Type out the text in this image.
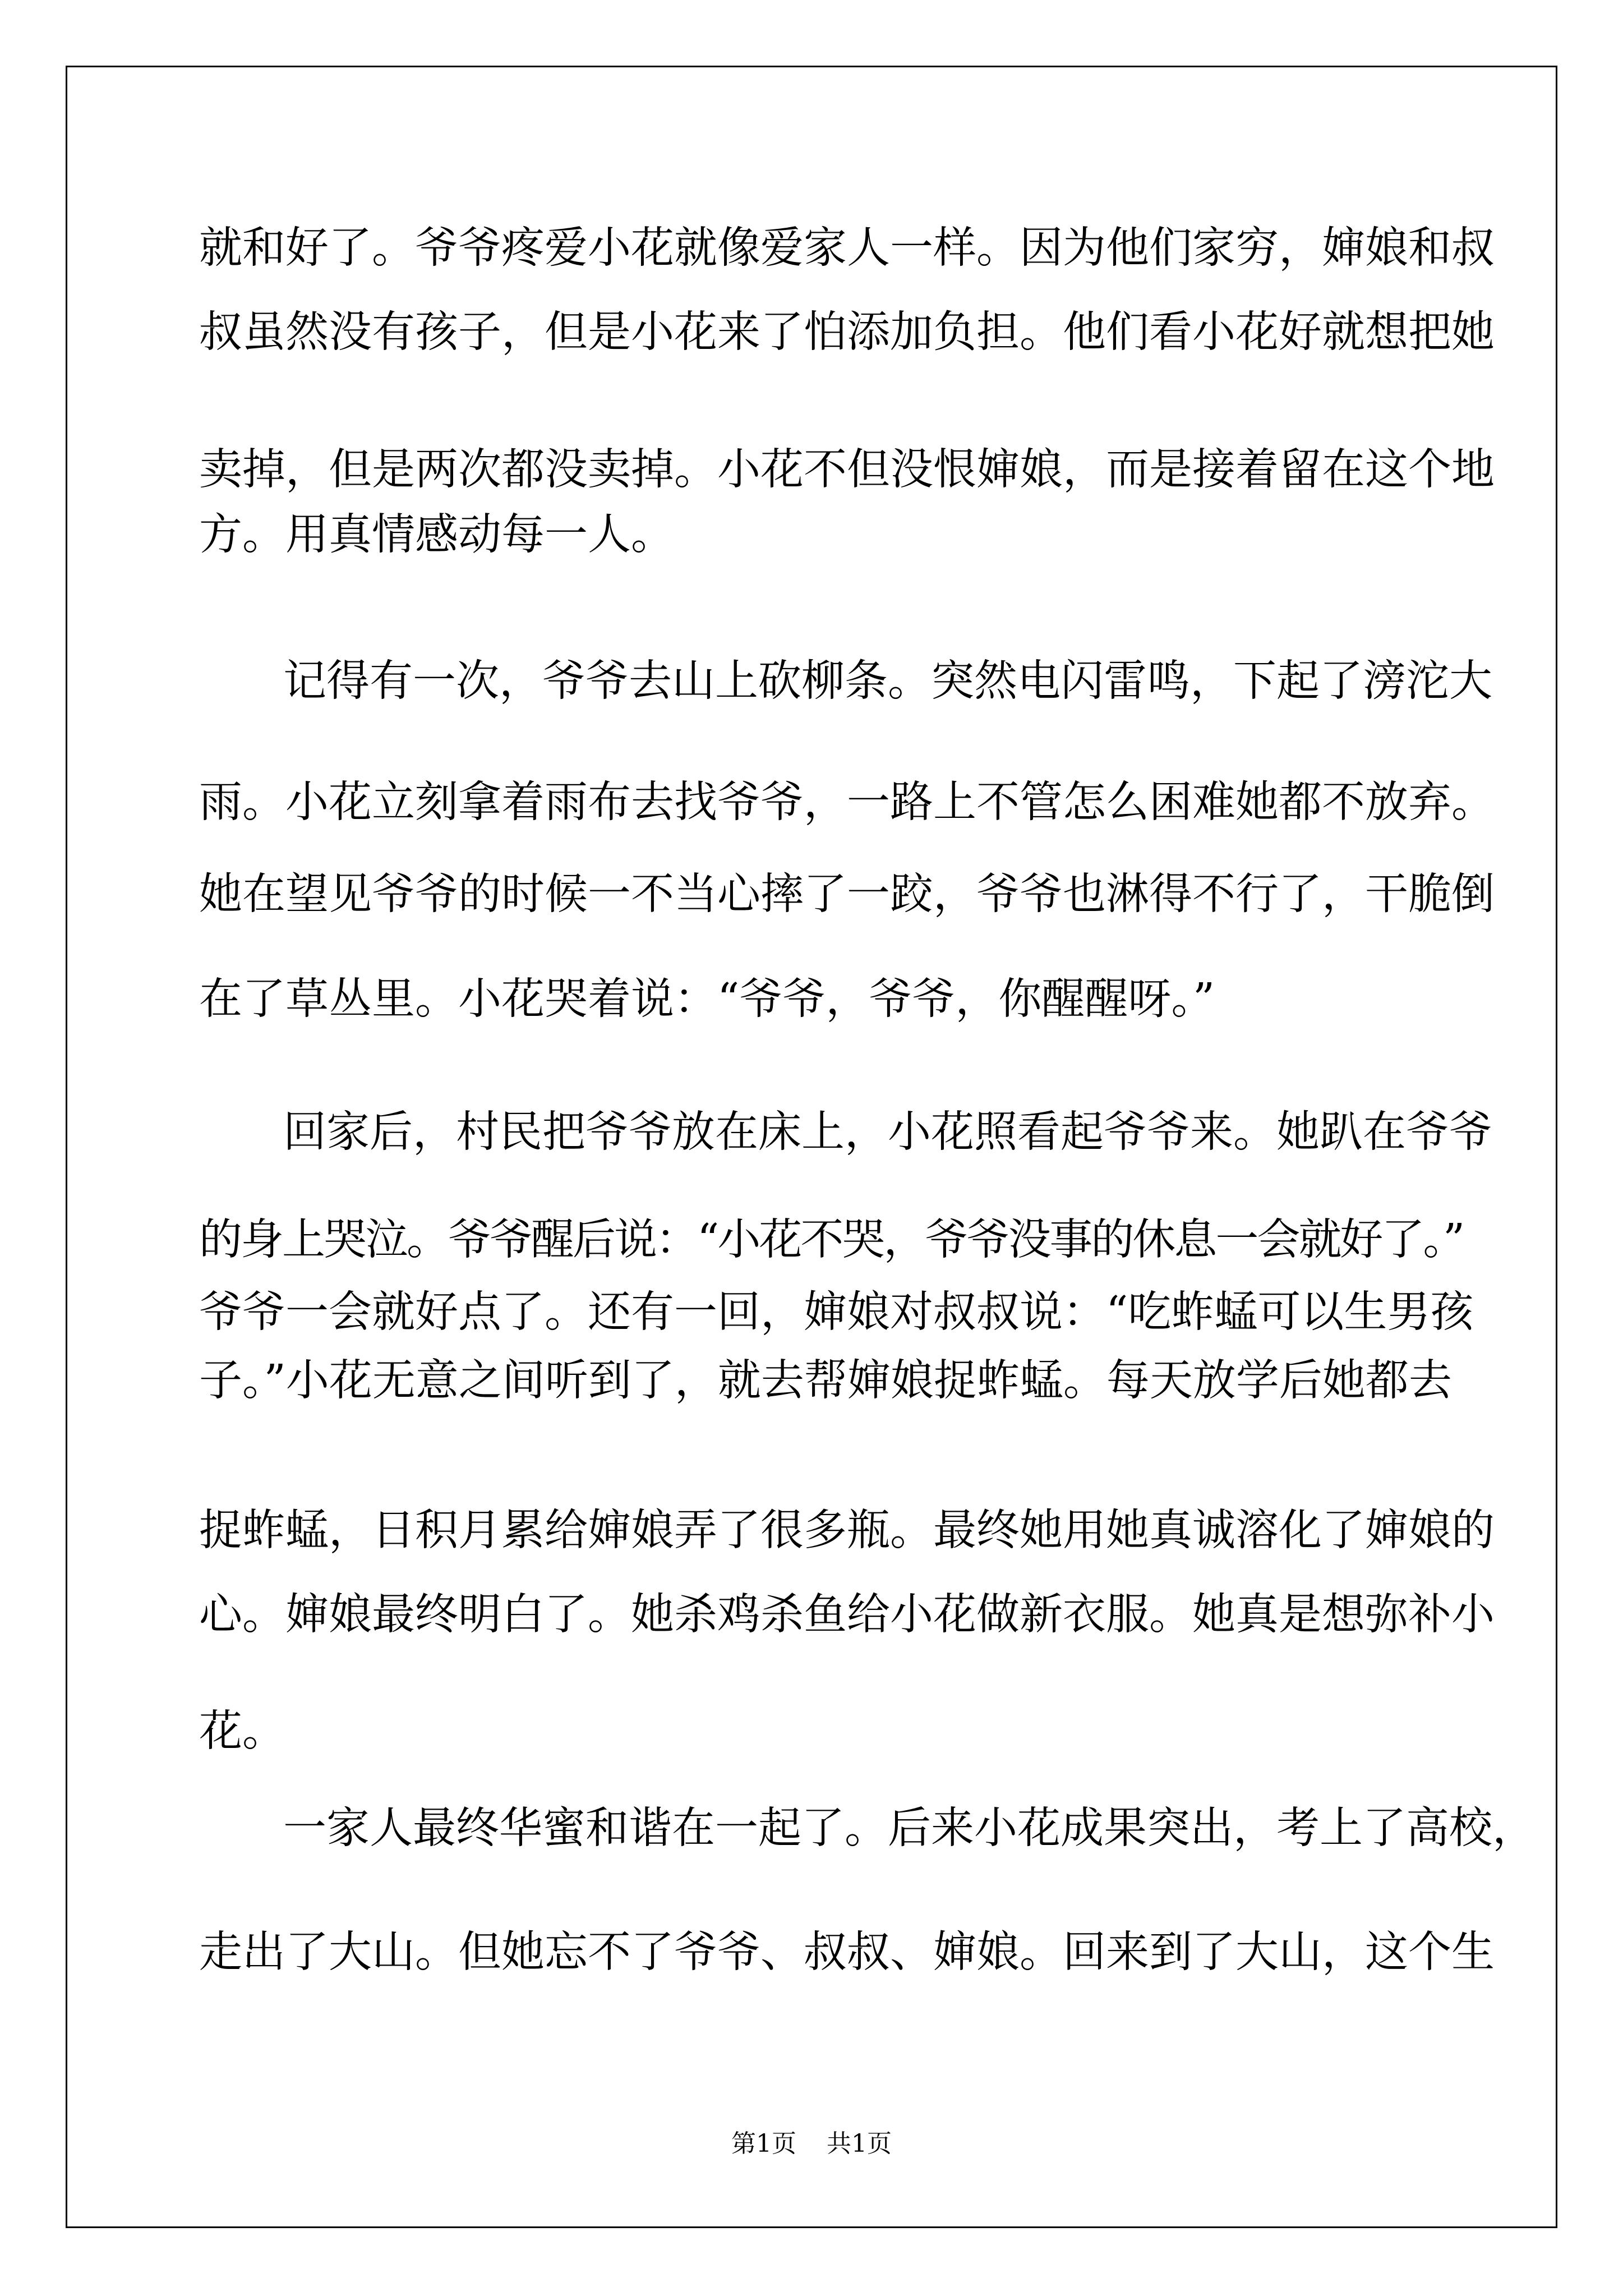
就和好了。爷爷疼爱小花就像爱家人一样。因为他们家穷，婶娘和叔
叔虽然没有孩子，但是小花来了怕添加负担。他们看小花好就想把她
卖掉，但是两次都没卖掉。小花不但没恨婶娘，而是接着留在这个地
方。用真情感动每一人。
记得有一次，爷爷去山上砍柳条。突然电闪雷鸣，下起了滂沱大
雨。小花立刻拿着雨布去找爷爷，一路上不管怎么困难她都不放弃。
她在望见爷爷的时候一不当心摔了一跤，爷爷也淋得不行了，干脆倒
在了草丛里。小花哭着说：“爷爷，爷爷，你醒醒呀。”
回家后，村民把爷爷放在床上，小花照看起爷爷来。她趴在爷爷
的身上哭泣。爷爷醒后说：“小花不哭，爷爷没事的休息一会就好了。”
爷爷一会就好点了。还有一回，婶娘对叔叔说：“吃蚱蜢可以生男孩
子。”小花无意之间听到了，就去帮婶娘捉蚱蜢。每天放学后她都去
捉蚱蜢，日积月累给婶娘弄了很多瓶。最终她用她真诚溶化了婶娘的
心。婶娘最终明白了。她杀鸡杀鱼给小花做新衣服。她真是想弥补小
花。
一家人最终华蜜和谐在一起了。后来小花成果突出，考上了高校，
走出了大山。但她忘不了爷爷、叔叔、婶娘。回来到了大山，这个生
第1页 共1页
